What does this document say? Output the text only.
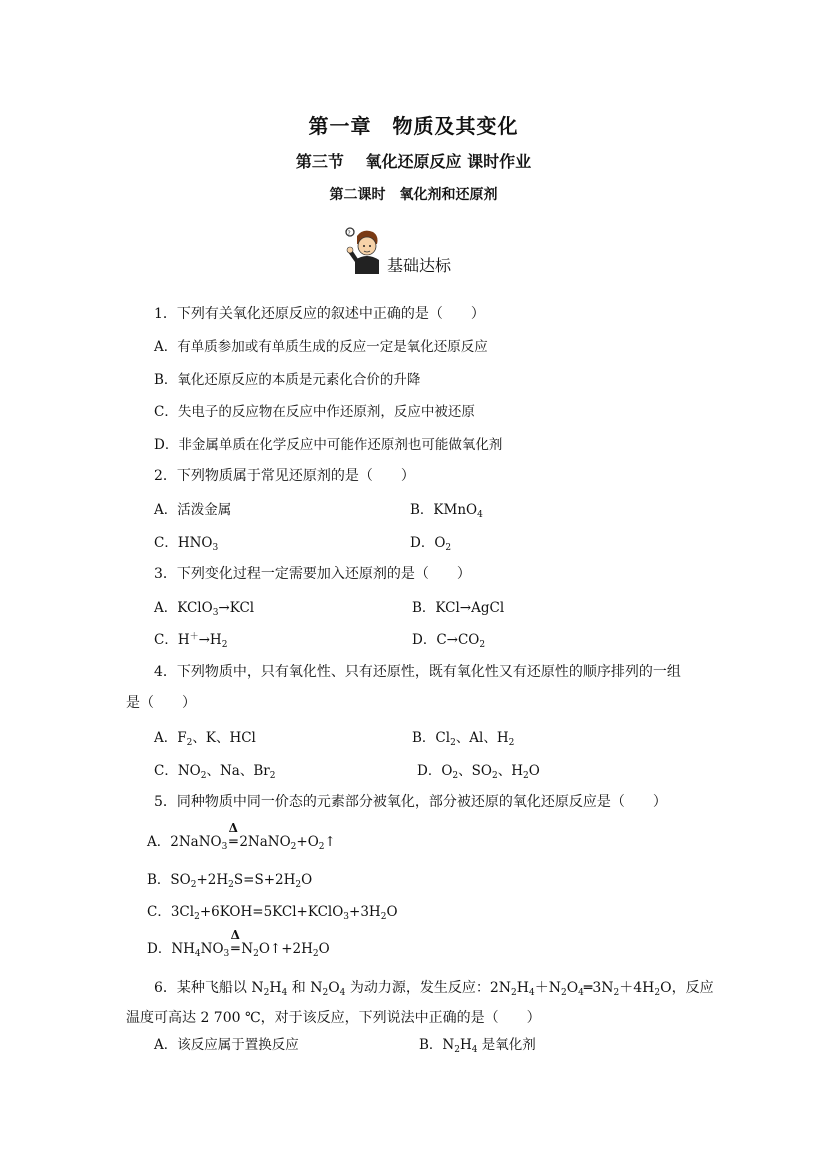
第一章　物质及其变化
第三节　 氧化还原反应 课时作业
第二课时　氧化剂和还原剂
?
基础达标
1．下列有关氧化还原反应的叙述中正确的是（　　）
A．有单质参加或有单质生成的反应一定是氧化还原反应
B．氧化还原反应的本质是元素化合价的升降
C．失电子的反应物在反应中作还原剂，反应中被还原
D．非金属单质在化学反应中可能作还原剂也可能做氧化剂
2．下列物质属于常见还原剂的是（　　）
A．活泼金属	B．KMnO$_4$
C．$HNO_3$	D．$O_2$
3．下列变化过程一定需要加入还原剂的是（　　）
A．KClO$_3$→KCl	B．KCl→AgCl
C．$H^+\to H_2$	D．$C\to CO_2$
4．下列物质中，只有氧化性、只有还原性，既有氧化性又有还原性的顺序排列的一组
是（　　）
A．$F_2$、K、HCl	B．$Cl_2$、Al、$H_2$
C．$NO_2$、Na、$Br_2$	D．$O_2$、$SO_2$、$H_2O$
5．同种物质中同一价态的元素部分被氧化，部分被还原的氧化还原反应是（　　）
A．2NaNO$_3$
Δ
═ $2NaNO_2+O_2↑$
B．$SO_2+2H_2S=S+2H_2O$
C．$3Cl_2+6KOH=5KCl+KClO_3+3H_2O$
D．$NH_4NO_3$
Δ
═ $N_2O↑+2H_2O$
6．某种飞船以 $N_2H_4$ 和 $N_2O_4$ 为动力源，发生反应：$2N_2H_4+N_2O_4═3N_2+4H_2O$，反应
温度可高达 2 700 ℃，对于该反应，下列说法中正确的是（　　）
A．该反应属于置换反应	B．$N_2H_4$ 是氧化剂
